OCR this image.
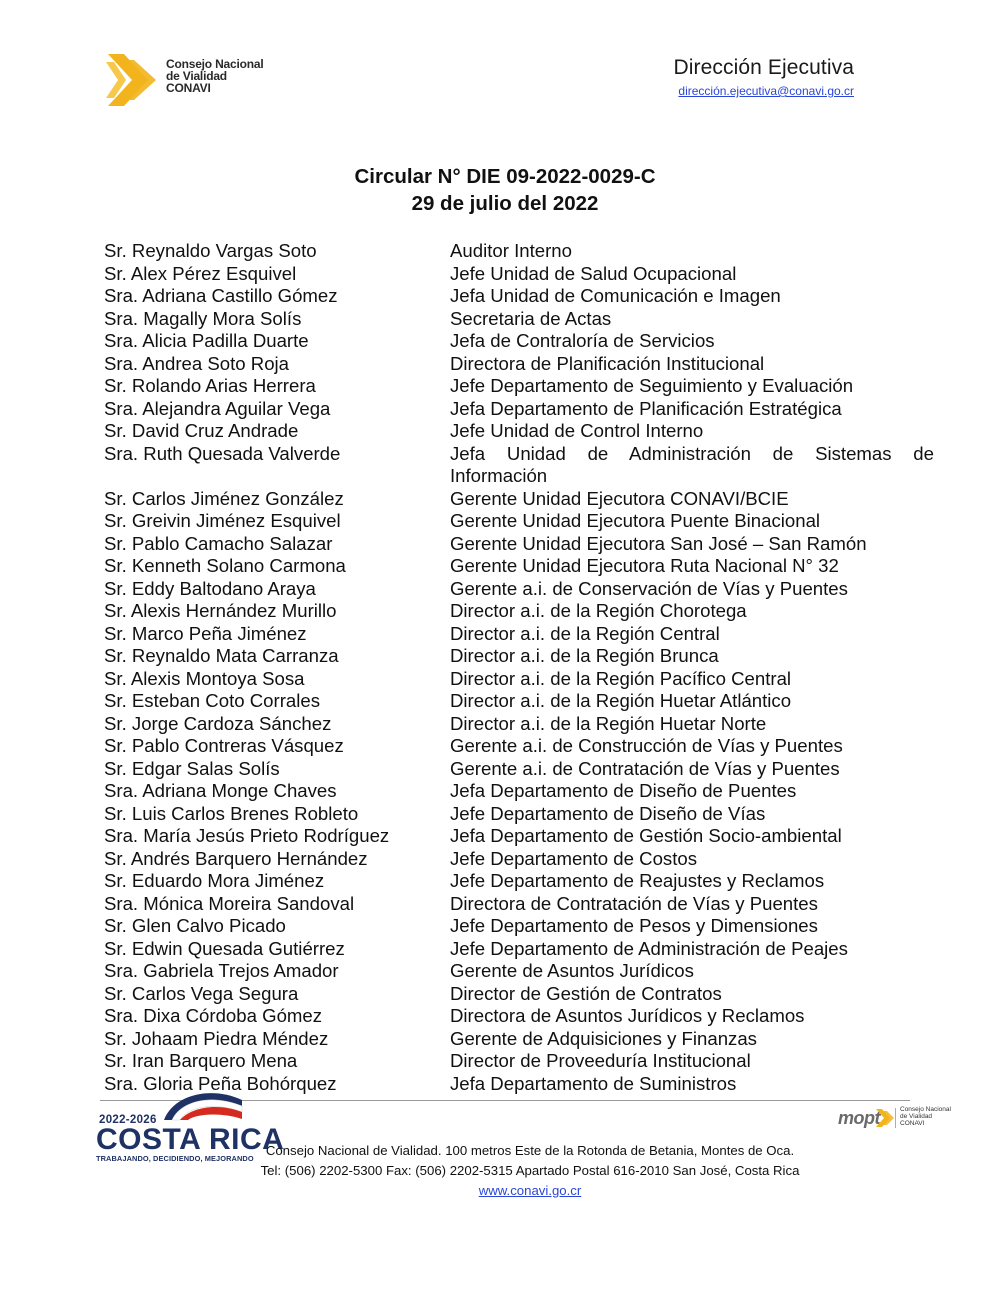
Consejo Nacional
de Vialidad
CONAVI
Dirección Ejecutiva
dirección.ejecutiva@conavi.go.cr
Circular N° DIE 09-2022-0029-C
29 de julio del 2022
Sr. Reynaldo Vargas Soto	Auditor Interno
Sr. Alex Pérez Esquivel	Jefe Unidad de Salud Ocupacional
Sra. Adriana Castillo Gómez	Jefa Unidad de Comunicación e Imagen
Sra. Magally Mora Solís	Secretaria de Actas
Sra. Alicia Padilla Duarte	Jefa de Contraloría de Servicios
Sra. Andrea Soto Roja	Directora de Planificación Institucional
Sr. Rolando Arias Herrera	Jefe Departamento de Seguimiento y Evaluación
Sra. Alejandra Aguilar Vega	Jefa Departamento de Planificación Estratégica
Sr. David Cruz Andrade	Jefe Unidad de Control Interno
Sra. Ruth Quesada Valverde	Jefa Unidad de Administración de Sistemas de
Información
Sr. Carlos Jiménez González	Gerente Unidad Ejecutora CONAVI/BCIE
Sr. Greivin Jiménez Esquivel	Gerente Unidad Ejecutora Puente Binacional
Sr. Pablo Camacho Salazar	Gerente Unidad Ejecutora San José – San Ramón
Sr. Kenneth Solano Carmona	Gerente Unidad Ejecutora Ruta Nacional N° 32
Sr. Eddy Baltodano Araya	Gerente a.i. de Conservación de Vías y Puentes
Sr. Alexis Hernández Murillo	Director a.i. de la Región Chorotega
Sr. Marco Peña Jiménez	Director a.i. de la Región Central
Sr. Reynaldo Mata Carranza	Director a.i. de la Región Brunca
Sr. Alexis Montoya Sosa	Director a.i. de la Región Pacífico Central
Sr. Esteban Coto Corrales	Director a.i. de la Región Huetar Atlántico
Sr. Jorge Cardoza Sánchez	Director a.i. de la Región Huetar Norte
Sr. Pablo Contreras Vásquez	Gerente a.i. de Construcción de Vías y Puentes
Sr. Edgar Salas Solís	Gerente a.i. de Contratación de Vías y Puentes
Sra. Adriana Monge Chaves	Jefa Departamento de Diseño de Puentes
Sr. Luis Carlos Brenes Robleto	Jefe Departamento de Diseño de Vías
Sra. María Jesús Prieto Rodríguez	Jefa Departamento de Gestión Socio-ambiental
Sr. Andrés Barquero Hernández	Jefe Departamento de Costos
Sr. Eduardo Mora Jiménez	Jefe Departamento de Reajustes y Reclamos
Sra. Mónica Moreira Sandoval	Directora de Contratación de Vías y Puentes
Sr. Glen Calvo Picado	Jefe Departamento de Pesos y Dimensiones
Sr. Edwin Quesada Gutiérrez	Jefe Departamento de Administración de Peajes
Sra. Gabriela Trejos Amador	Gerente de Asuntos Jurídicos
Sr. Carlos Vega Segura	Director de Gestión de Contratos
Sra. Dixa Córdoba Gómez	Directora de Asuntos Jurídicos y Reclamos
Sr. Johaam Piedra Méndez	Gerente de Adquisiciones y Finanzas
Sr. Iran Barquero Mena	Director de Proveeduría Institucional
Sra. Gloria Peña Bohórquez	Jefa Departamento de Suministros
2022-2026
COSTA RICA
TRABAJANDO, DECIDIENDO, MEJORANDO
mopt	Consejo Nacional
de Vialidad
CONAVI
Consejo Nacional de Vialidad. 100 metros Este de la Rotonda de Betania, Montes de Oca.
Tel: (506) 2202-5300 Fax: (506) 2202-5315 Apartado Postal 616-2010 San José, Costa Rica
www.conavi.go.cr
